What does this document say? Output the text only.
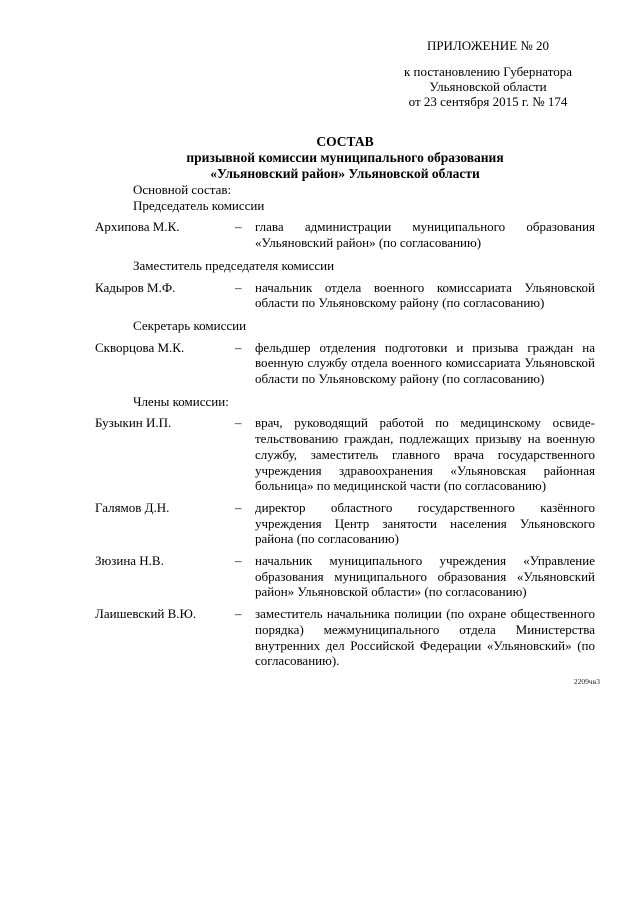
ПРИЛОЖЕНИЕ № 20
к постановлению Губернатора
Ульяновской области
от 23 сентября 2015 г. № 174
СОСТАВ
призывной комиссии муниципального образования
«Ульяновский район» Ульяновской области
Основной состав:
Председатель комиссии
Архипова М.К.	–	глава администрации муниципального образования «Ульяновский район» (по согласованию)
Заместитель председателя комиссии
Кадыров М.Ф.	–	начальник отдела военного комиссариата Ульяновской области по Ульяновскому району (по согласованию)
Секретарь комиссии
Скворцова М.К.	–	фельдшер отделения подготовки и призыва граждан на военную службу отдела военного комиссариата Ульяновской области по Ульяновскому району (по согласованию)
Члены комиссии:
Бузыкин И.П.	–	врач, руководящий работой по медицинскому освидетельствованию граждан, подлежащих призыву на военную службу, заместитель главного врача государственного учреждения здравоохранения «Ульяновская районная больница» по медицинской части (по согласованию)
Галямов Д.Н.	–	директор областного государственного казённого учреждения Центр занятости населения Ульяновского района (по согласованию)
Зюзина Н.В.	–	начальник муниципального учреждения «Управление образования муниципального образования «Ульяновский район» Ульяновской области» (по согласованию)
Лаишевский В.Ю.	–	заместитель начальника полиции (по охране общественного порядка) межмуниципального отдела Министерства внутренних дел Российской Федерации «Ульяновский» (по согласованию).
2209чв3
